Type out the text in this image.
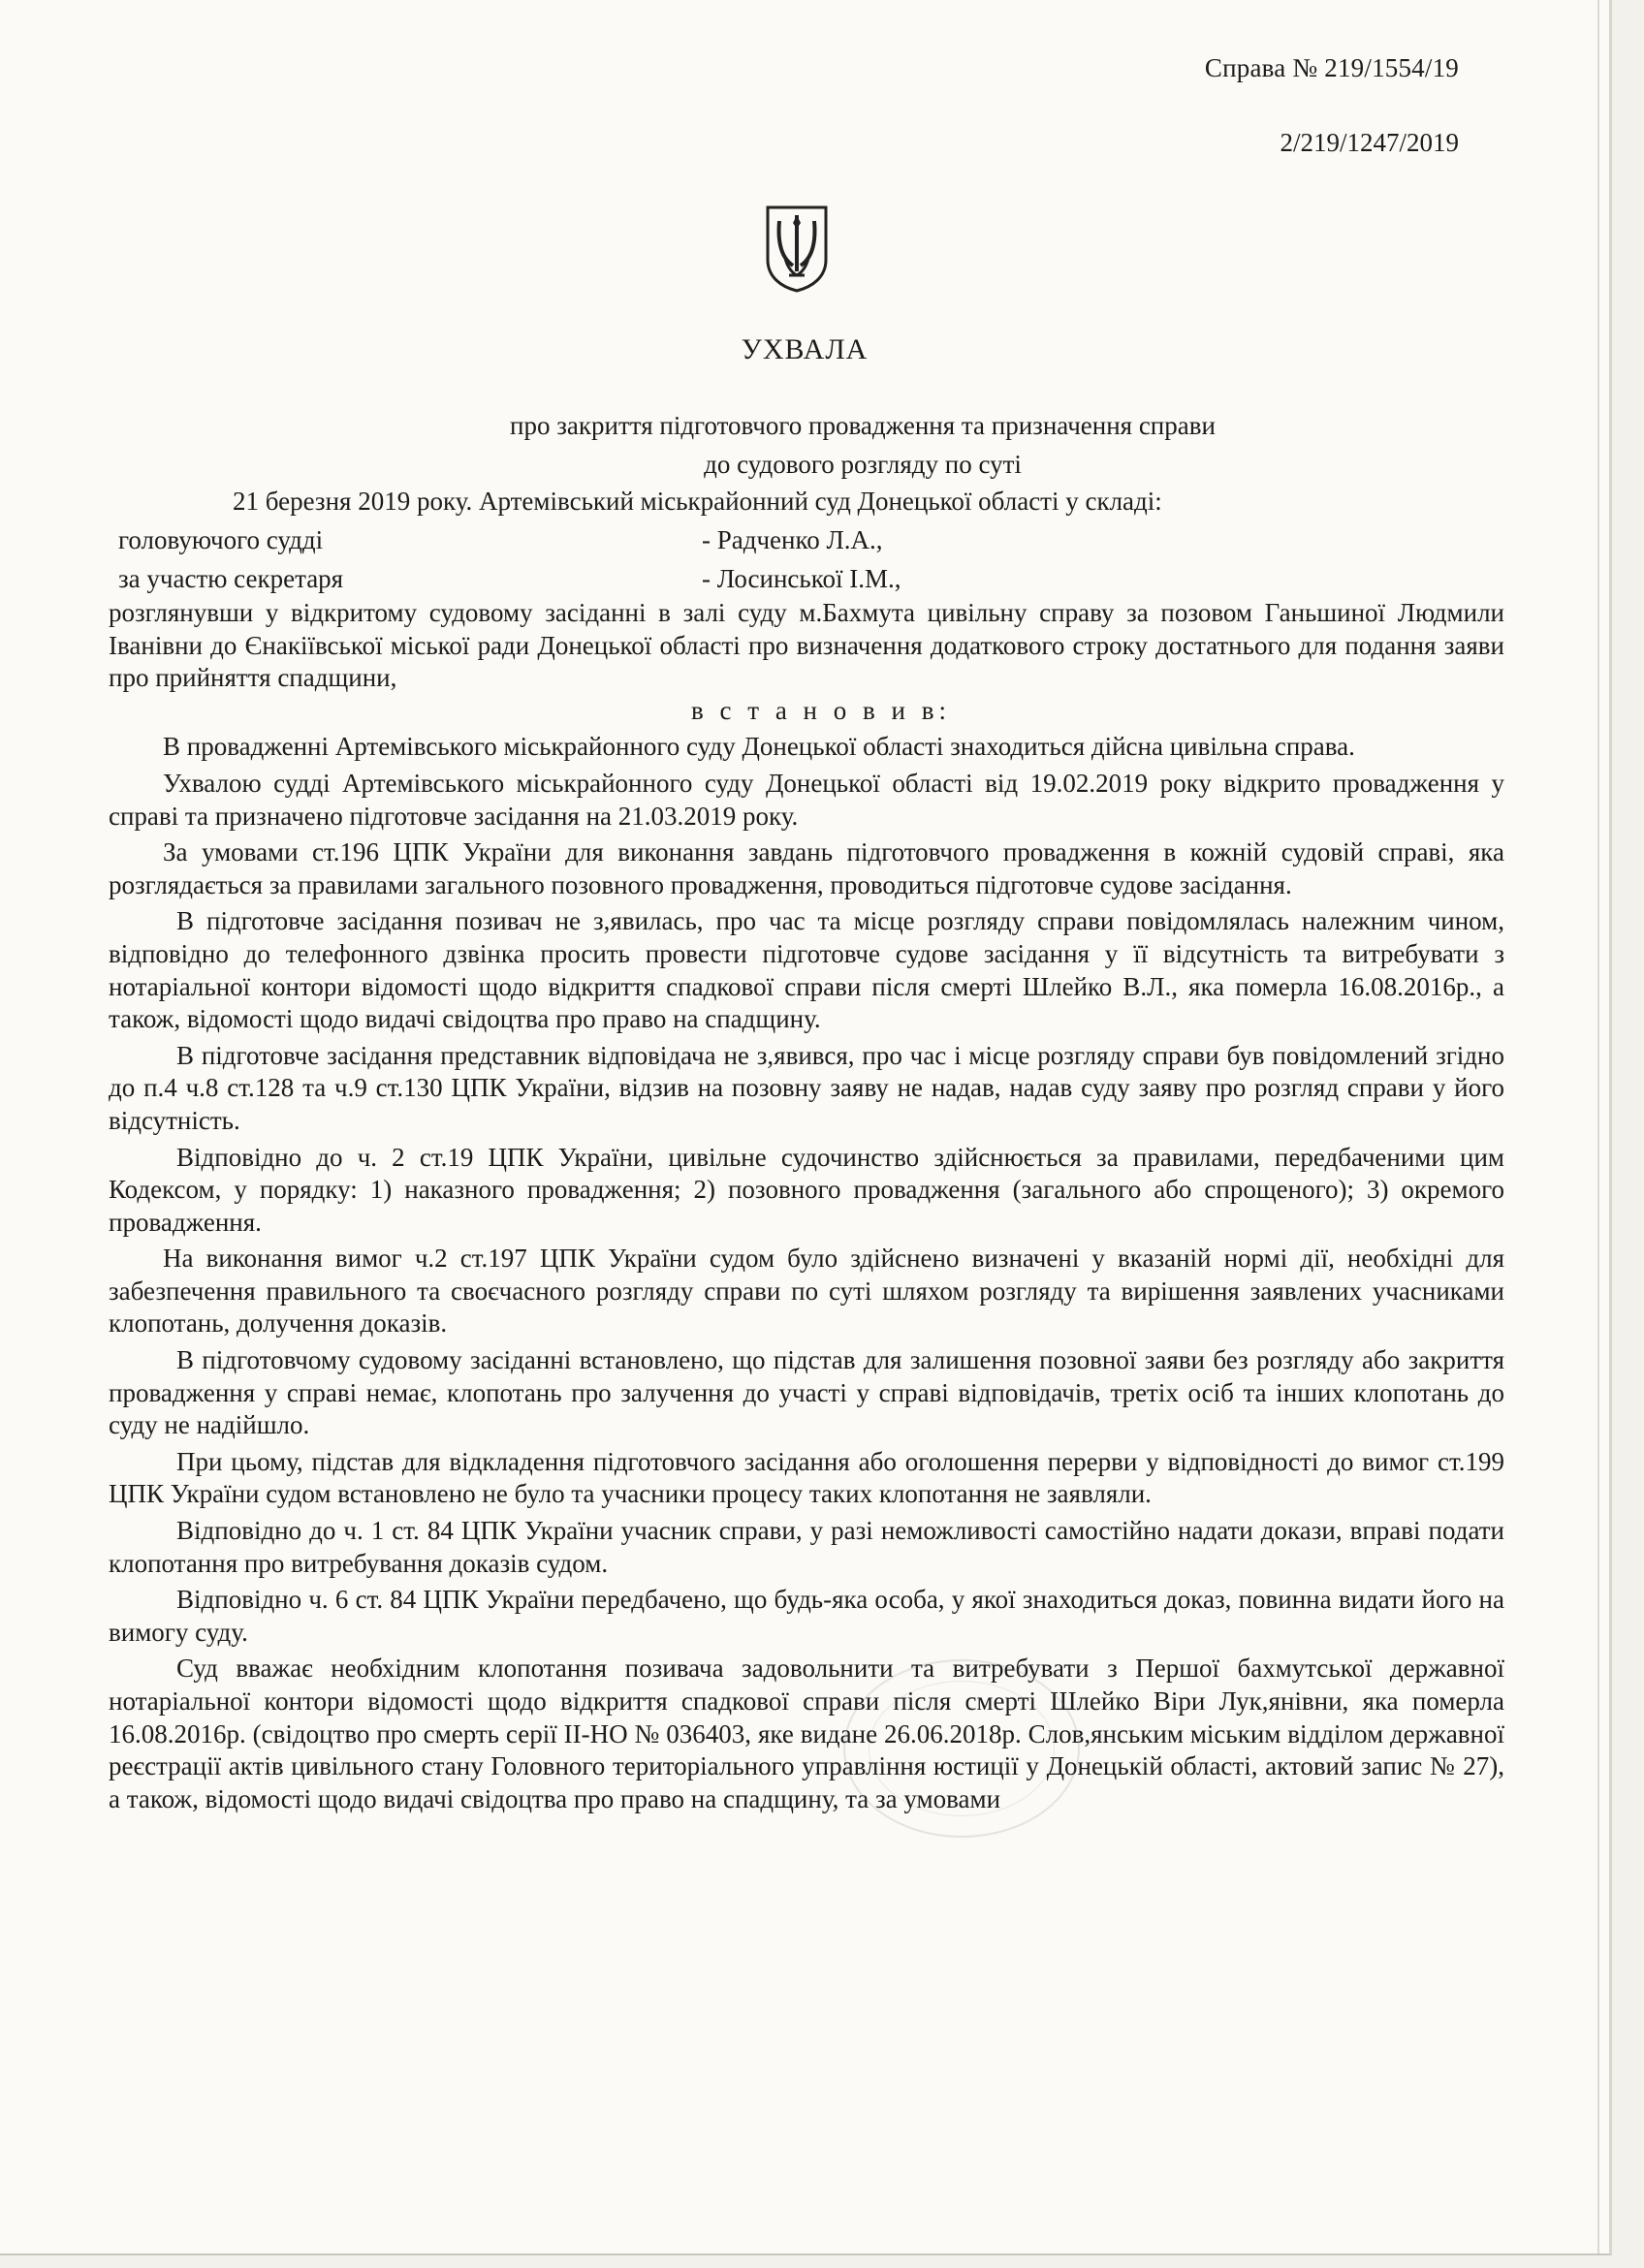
Справа № 219/1554/19
2/219/1247/2019
УХВАЛА
про закриття підготовчого провадження та призначення справи
до судового розгляду по суті
21 березня 2019 року. Артемівський міськрайонний суд Донецької області у складі:
головуючого судді	- Радченко Л.А.,
за участю секретаря	- Лосинської І.М.,

розглянувши у відкритому судовому засіданні в залі суду м.Бахмута цивільну справу за позовом Ганьшиної Людмили Іванівни до Єнакіївської міської ради Донецької області про визначення додаткового строку достатнього для подання заяви про прийняття спадщини,

в с т а н о в и в:

В провадженні Артемівського міськрайонного суду Донецької області знаходиться дійсна цивільна справа.

Ухвалою судді Артемівського міськрайонного суду Донецької області від 19.02.2019 року відкрито провадження у справі та призначено підготовче засідання на 21.03.2019 року.

За умовами ст.196 ЦПК України для виконання завдань підготовчого провадження в кожній судовій справі, яка розглядається за правилами загального позовного провадження, проводиться підготовче судове засідання.

В підготовче засідання позивач не з,явилась, про час та місце розгляду справи повідомлялась належним чином, відповідно до телефонного дзвінка просить провести підготовче судове засідання у її відсутність та витребувати з нотаріальної контори відомості щодо відкриття спадкової справи після смерті Шлейко В.Л., яка померла 16.08.2016р., а також, відомості щодо видачі свідоцтва про право на спадщину.

В підготовче засідання представник відповідача не з,явився, про час і місце розгляду справи був повідомлений згідно до п.4 ч.8 ст.128 та ч.9 ст.130 ЦПК України, відзив на позовну заяву не надав, надав суду заяву про розгляд справи у його відсутність.

Відповідно до ч. 2 ст.19 ЦПК України, цивільне судочинство здійснюється за правилами, передбаченими цим Кодексом, у порядку: 1) наказного провадження; 2) позовного провадження (загального або спрощеного); 3) окремого провадження.

На виконання вимог ч.2 ст.197 ЦПК України судом було здійснено визначені у вказаній нормі дії, необхідні для забезпечення правильного та своєчасного розгляду справи по суті шляхом розгляду та вирішення заявлених учасниками клопотань, долучення доказів.

В підготовчому судовому засіданні встановлено, що підстав для залишення позовної заяви без розгляду або закриття провадження у справі немає, клопотань про залучення до участі у справі відповідачів, третіх осіб та інших клопотань до суду не надійшло.

При цьому, підстав для відкладення підготовчого засідання або оголошення перерви у відповідності до вимог ст.199 ЦПК України судом встановлено не було та учасники процесу таких клопотання не заявляли.

Відповідно до ч. 1 ст. 84 ЦПК України учасник справи, у разі неможливості самостійно надати докази, вправі подати клопотання про витребування доказів судом.

Відповідно ч. 6 ст. 84 ЦПК України передбачено, що будь-яка особа, у якої знаходиться доказ, повинна видати його на вимогу суду.

Суд вважає необхідним клопотання позивача задовольнити та витребувати з Першої бахмутської державної нотаріальної контори відомості щодо відкриття спадкової справи після смерті Шлейко Віри Лук,янівни, яка померла 16.08.2016р. (свідоцтво про смерть серії ІІ-НО № 036403, яке видане 26.06.2018р. Слов,янським міським відділом державної реєстрації актів цивільного стану Головного територіального управління юстиції у Донецькій області, актовий запис № 27), а також, відомості щодо видачі свідоцтва про право на спадщину, та за умовами
